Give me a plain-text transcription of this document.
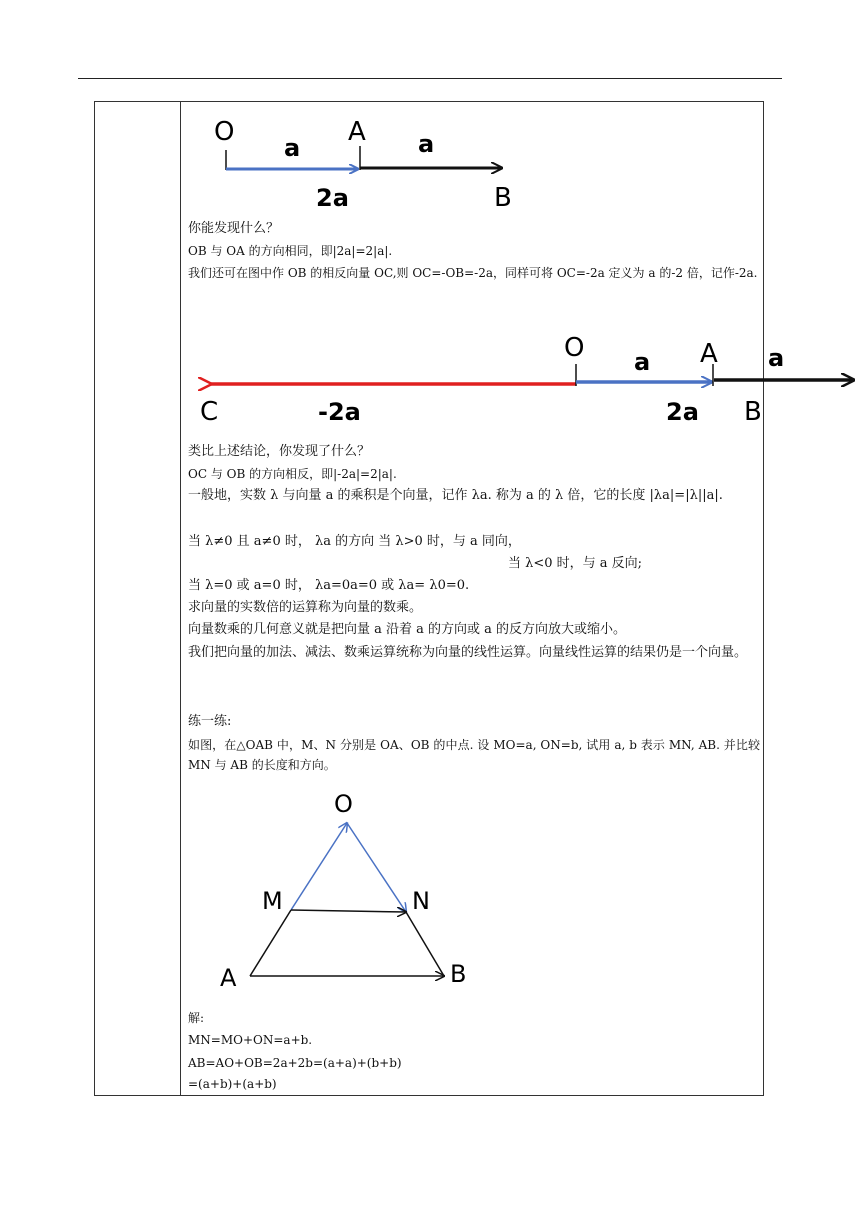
O	A
B
a	a
2a
你能发现什么？
OB 与 OA 的方向相同，即|2a|=2|a|.
我们还可在图中作 OB 的相反向量 OC,则 OC=-OB=-2a，同样可将 OC=-2a 定义为 a 的-2 倍，记作-2a.
C
O	A
a	a
-2a	2a B
类比上述结论，你发现了什么？
OC 与 OB 的方向相反，即|-2a|=2|a|.
一般地，实数 λ 与向量 a 的乘积是个向量，记作 λa. 称为 a 的 λ 倍，它的长度 |λa|=|λ||a|.
当 λ≠0 且 a≠0 时， λa 的方向 当 λ>0 时，与 a 同向，
当 λ<0 时，与 a 反向;
当 λ=0 或 a=0 时， λa=0a=0 或 λa= λ0=0.
求向量的实数倍的运算称为向量的数乘。
向量数乘的几何意义就是把向量 a 沿着 a 的方向或 a 的反方向放大或缩小。
我们把向量的加法、减法、数乘运算统称为向量的线性运算。向量线性运算的结果仍是一个向量。
练一练:
如图，在△OAB 中，M、N 分别是 OA、OB 的中点. 设 MO=a, ON=b, 试用 a, b 表示 MN, AB. 并比较 MN 与 AB 的长度和方向。
O
M	N
A	B
解:
MN=MO+ON=a+b.
AB=AO+OB=2a+2b=(a+a)+(b+b)
=(a+b)+(a+b)
